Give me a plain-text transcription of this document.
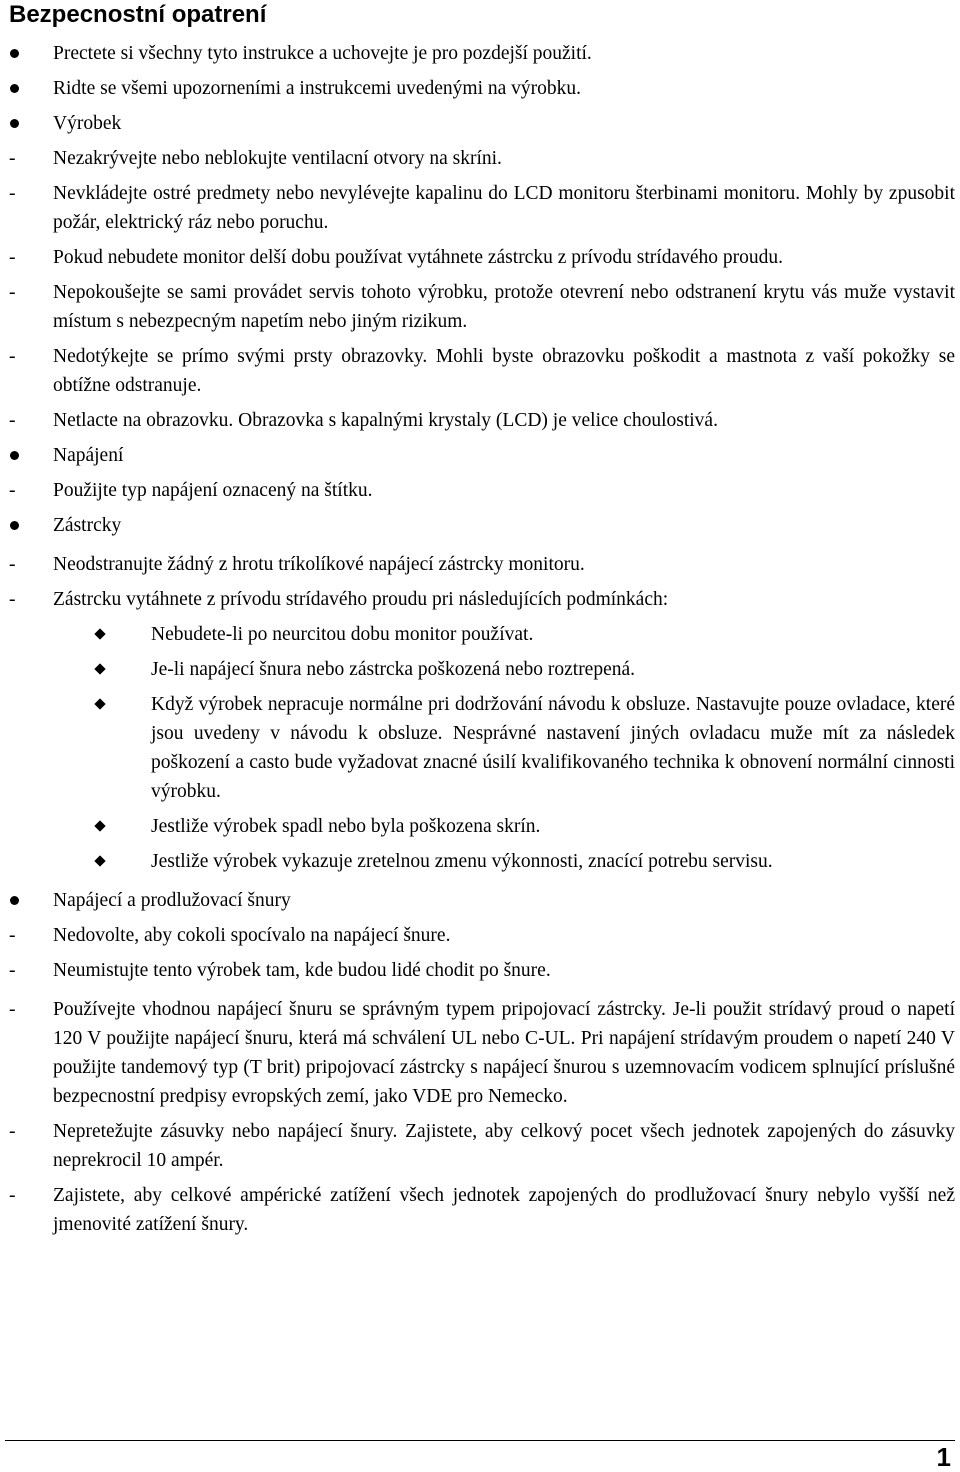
Bezpecnostní opatrení
Prectete si všechny tyto instrukce a uchovejte je pro pozdejší použití.
Ridte se všemi upozorneními a instrukcemi uvedenými na výrobku.
Výrobek
-	Nezakrývejte nebo neblokujte ventilacní otvory na skríni.
-	Nevkládejte ostré predmety nebo nevylévejte kapalinu do LCD monitoru šterbinami monitoru. Mohly by zpusobit požár, elektrický ráz nebo poruchu.
-	Pokud nebudete monitor delší dobu používat vytáhnete zástrcku z prívodu strídavého proudu.
-	Nepokoušejte se sami provádet servis tohoto výrobku, protože otevrení nebo odstranení krytu vás muže vystavit místum s nebezpecným napetím nebo jiným rizikum.
-	Nedotýkejte se prímo svými prsty obrazovky. Mohli byste obrazovku poškodit a mastnota z vaší pokožky se obtížne odstranuje.
-	Netlacte na obrazovku. Obrazovka s kapalnými krystaly (LCD) je velice choulostivá.
Napájení
-	Použijte typ napájení oznacený na štítku.
Zástrcky
-	Neodstranujte žádný z hrotu tríkolíkové napájecí zástrcky monitoru.
-	Zástrcku vytáhnete z prívodu strídavého proudu pri následujících podmínkách:
Nebudete-li po neurcitou dobu monitor používat.
Je-li napájecí šnura nebo zástrcka poškozená nebo roztrepená.
Když výrobek nepracuje normálne pri dodržování návodu k obsluze. Nastavujte pouze ovladace, které jsou uvedeny v návodu k obsluze. Nesprávné nastavení jiných ovladacu muže mít za následek poškození a casto bude vyžadovat znacné úsilí kvalifikovaného technika k obnovení normální cinnosti výrobku.
Jestliže výrobek spadl nebo byla poškozena skrín.
Jestliže výrobek vykazuje zretelnou zmenu výkonnosti, znacící potrebu servisu.
Napájecí a prodlužovací šnury
-	Nedovolte, aby cokoli spocívalo na napájecí šnure.
-	Neumistujte tento výrobek tam, kde budou lidé chodit po šnure.
-	Používejte vhodnou napájecí šnuru se správným typem pripojovací zástrcky. Je-li použit strídavý proud o napetí 120 V použijte napájecí šnuru, která má schválení UL nebo C-UL. Pri napájení strídavým proudem o napetí 240 V použijte tandemový typ (T brit) pripojovací zástrcky s napájecí šnurou s uzemnovacím vodicem splnující príslušné bezpecnostní predpisy evropských zemí, jako VDE pro Nemecko.
-	Nepretežujte zásuvky nebo napájecí šnury. Zajistete, aby celkový pocet všech jednotek zapojených do zásuvky neprekrocil 10 ampér.
-	Zajistete, aby celkové ampérické zatížení všech jednotek zapojených do prodlužovací šnury nebylo vyšší než jmenovité zatížení šnury.
1
